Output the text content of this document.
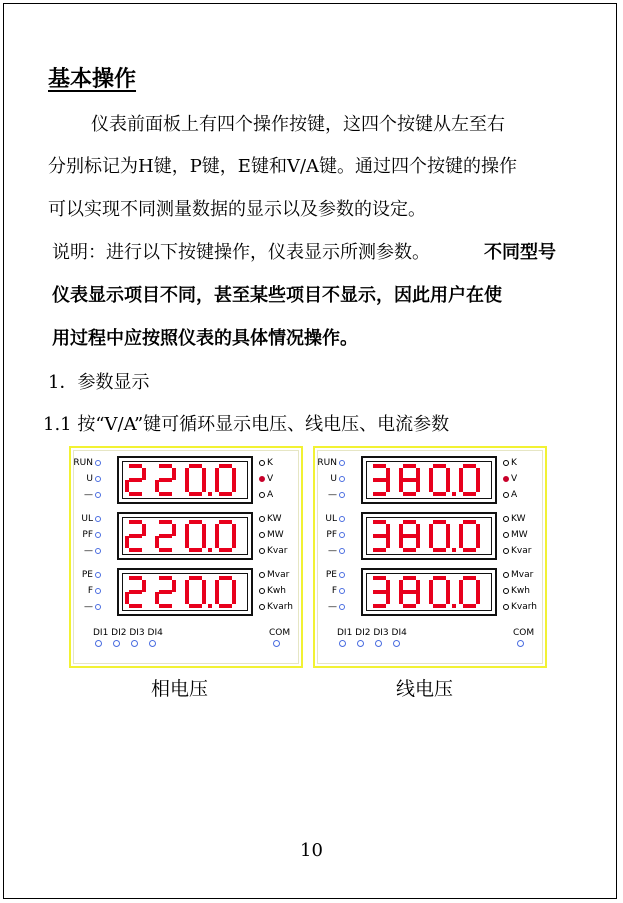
基本操作
仪表前面板上有四个操作按键，这四个按键从左至右
分别标记为H键，P键，E键和V/A键。通过四个按键的操作
可以实现不同测量数据的显示以及参数的设定。
说明：进行以下按键操作，仪表显示所测参数。	不同型号
仪表显示项目不同，甚至某些项目不显示，因此用户在使
用过程中应按照仪表的具体情况操作。
1．参数显示
1.1 按“V/A”键可循环显示电压、线电压、电流参数
RUN
U
—
UL
PF
—
PE
F
—
K
V
A
KW
MW
Kvar
Mvar
Kwh
Kvarh
DI1 DI2 DI3 DI4	COM
RUN
U
—
UL
PF
—
PE
F
—
K
V
A
KW
MW
Kvar
Mvar
Kwh
Kvarh
DI1 DI2 DI3 DI4	COM
相电压	线电压
10
